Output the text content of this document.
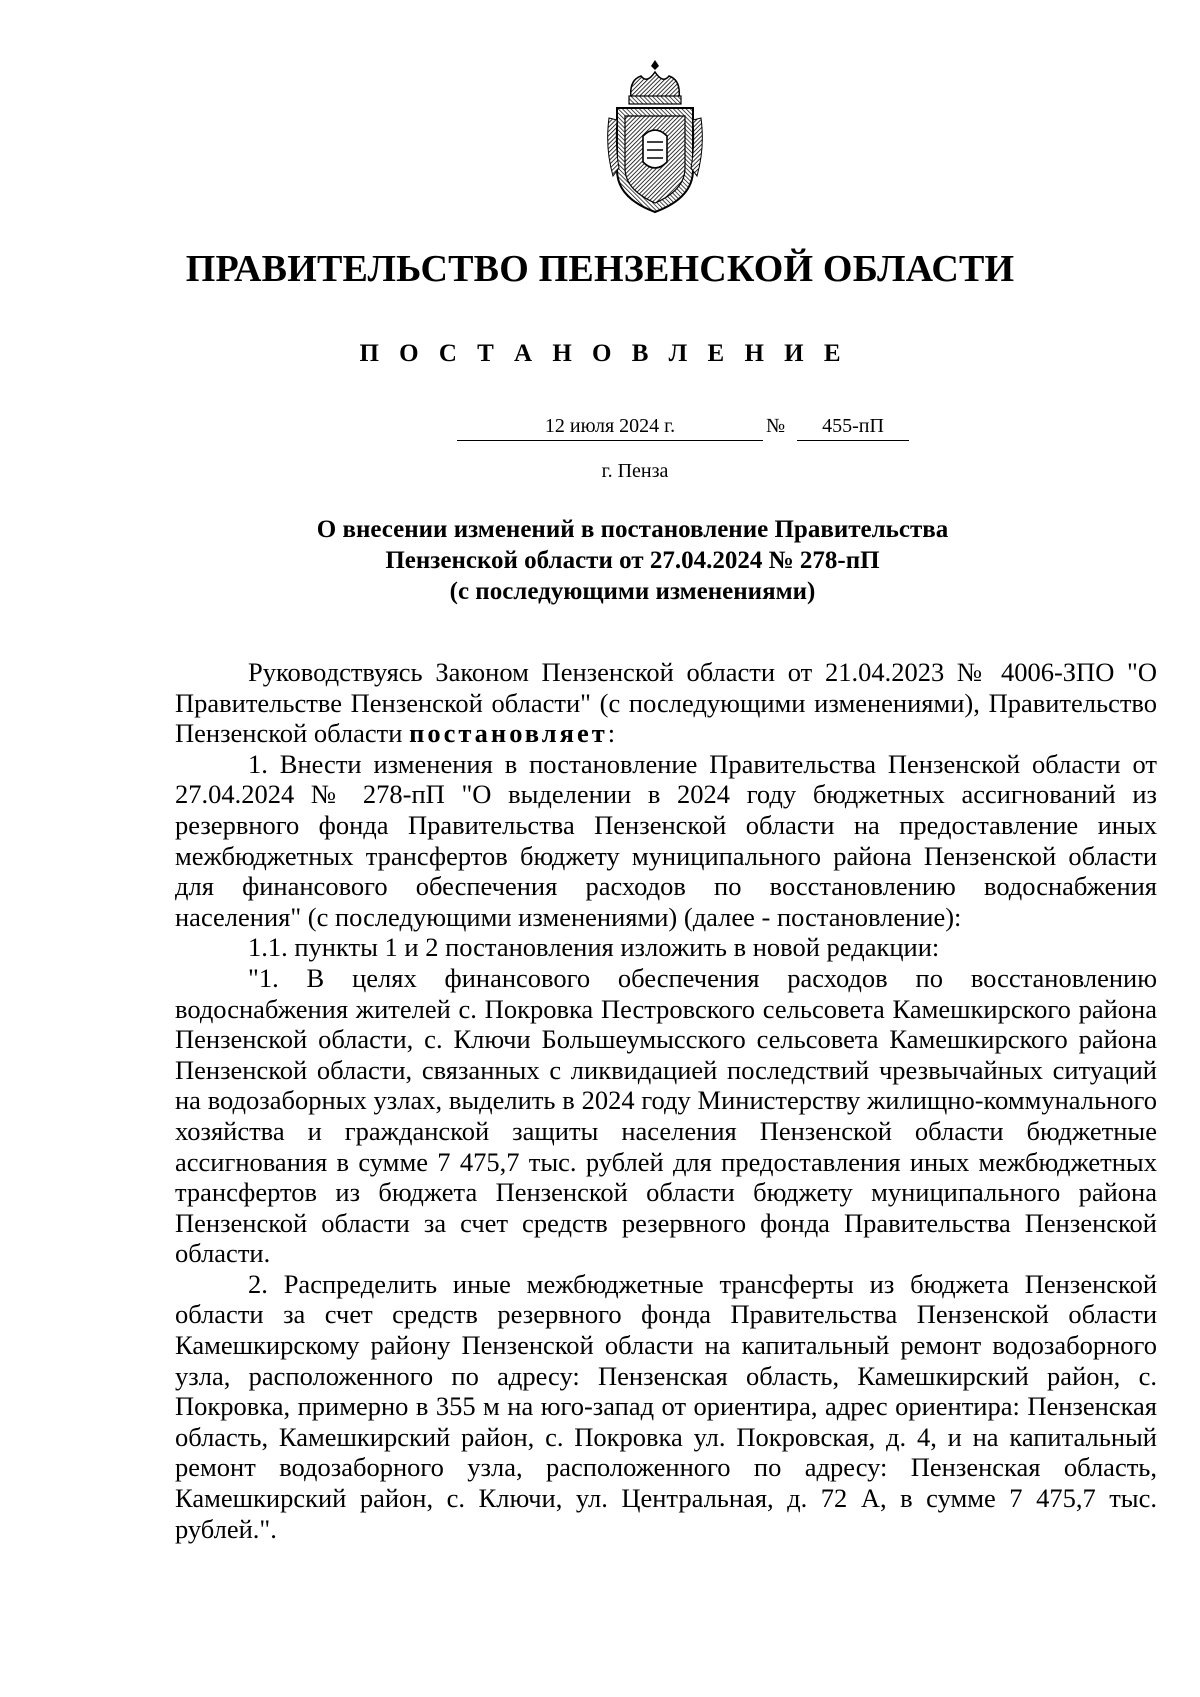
ПРАВИТЕЛЬСТВО ПЕНЗЕНСКОЙ ОБЛАСТИ
П О С Т А Н О В Л Е Н И Е
12 июля 2024 г.	№	455-пП
г. Пенза
О внесении изменений в постановление Правительства
Пензенской области от 27.04.2024 № 278-пП
(с последующими изменениями)

Руководствуясь Законом Пензенской области от 21.04.2023 № 4006-ЗПО "О Правительстве Пензенской области" (с последующими изменениями), Правительство Пензенской области постановляет:

1. Внести изменения в постановление Правительства Пензенской области от 27.04.2024 № 278-пП "О выделении в 2024 году бюджетных ассигнований из резервного фонда Правительства Пензенской области на предоставление иных межбюджетных трансфертов бюджету муниципального района Пензенской области для финансового обеспечения расходов по восстановлению водоснабжения населения" (с последующими изменениями) (далее - постановление):

1.1. пункты 1 и 2 постановления изложить в новой редакции:

"1. В целях финансового обеспечения расходов по восстановлению водоснабжения жителей с. Покровка Пестровского сельсовета Камешкирского района Пензенской области, с. Ключи Большеумысского сельсовета Камешкирского района Пензенской области, связанных с ликвидацией последствий чрезвычайных ситуаций на водозаборных узлах, выделить в 2024 году Министерству жилищно-коммунального хозяйства и гражданской защиты населения Пензенской области бюджетные ассигнования в сумме 7 475,7 тыс. рублей для предоставления иных межбюджетных трансфертов из бюджета Пензенской области бюджету муниципального района Пензенской области за счет средств резервного фонда Правительства Пензенской области.

2. Распределить иные межбюджетные трансферты из бюджета Пензенской области за счет средств резервного фонда Правительства Пензенской области Камешкирскому району Пензенской области на капитальный ремонт водозаборного узла, расположенного по адресу: Пензенская область, Камешкирский район, с. Покровка, примерно в 355 м на юго-запад от ориентира, адрес ориентира: Пензенская область, Камешкирский район, с. Покровка ул. Покровская, д. 4, и на капитальный ремонт водозаборного узла, расположенного по адресу: Пензенская область, Камешкирский район, с. Ключи, ул. Центральная, д. 72 А, в сумме 7 475,7 тыс. рублей.".
